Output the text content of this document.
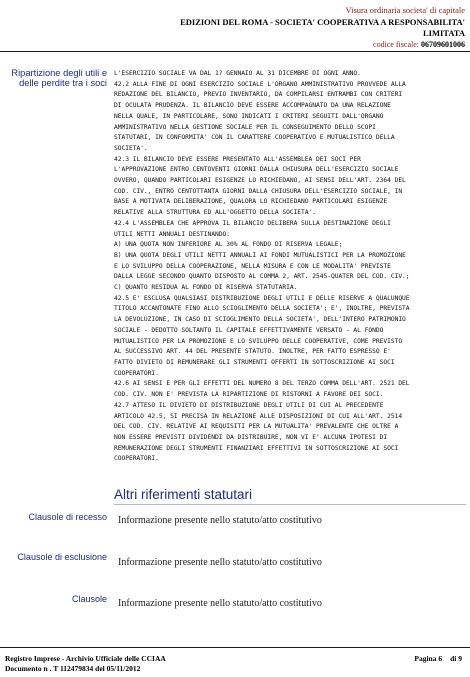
Visura ordinaria societa' di capitale
EDIZIONI DEL ROMA - SOCIETA' COOPERATIVA A RESPONSABILITA' LIMITATA
codice fiscale: 06709601006
Ripartizione degli utili e delle perdite tra i soci
L'ESERCIZIO SOCIALE VA DAL 1? GENNAIO AL 31 DICEMBRE DI OGNI ANNO.
42.2 ALLA FINE DI OGNI ESERCIZIO SOCIALE L'ORGANO AMMINISTRATIVO PROVVEDE ALLA
REDAZIONE DEL BILANCIO, PREVIO INVENTARIO, DA COMPILARSI ENTRAMBI CON CRITERI
DI OCULATA PRUDENZA. IL BILANCIO DEVE ESSERE ACCOMPAGNATO DA UNA RELAZIONE
NELLA QUALE, IN PARTICOLARE, SONO INDICATI I CRITERI SEGUITI DALL'ORGANO
AMMINISTRATIVO NELLA GESTIONE SOCIALE PER IL CONSEGUIMENTO DELLO SCOPI
STATUTARI, IN CONFORMITA' CON IL CARATTERE COOPERATIVO E MUTUALISTICO DELLA
SOCIETA'.
42.3 IL BILANCIO DEVE ESSERE PRESENTATO ALL'ASSEMBLEA DEI SOCI PER
L'APPROVAZIONE ENTRO CENTOVENTI GIORNI DALLA CHIUSURA DELL'ESERCIZIO SOCIALE
OVVERO, QUANDO PARTICOLARI ESIGENZE LO RICHIEDANO, AI SENSI DELL'ART. 2364 DEL
COD. CIV., ENTRO CENTOTTANTA GIORNI DALLA CHIUSURA DELL'ESERCIZIO SOCIALE, IN
BASE A MOTIVATA DELIBERAZIONE, QUALORA LO RICHIEDANO PARTICOLARI ESIGENZE
RELATIVE ALLA STRUTTURA ED ALL'OGGETTO DELLA SOCIETA'.
42.4 L'ASSEMBLEA CHE APPROVA IL BILANCIO DELIBERA SULLA DESTINAZIONE DEGLI
UTILI NETTI ANNUALI DESTINANDO:
A) UNA QUOTA NON INFERIORE AL 30% AL FONDO DI RISERVA LEGALE;
B) UNA QUOTA DEGLI UTILI NETTI ANNUALI AI FONDI MUTUALISTICI PER LA PROMOZIONE
E LO SVILUPPO DELLA COOPERAZIONE, NELLA MISURA E CON LE MODALITA' PREVISTE
DALLA LEGGE SECONDO QUANTO DISPOSTO AL COMMA 2, ART. 2545-QUATER DEL COD. CIV.;
C) QUANTO RESIDUA AL FONDO DI RISERVA STATUTARIA.
42.5 E' ESCLUSA QUALSIASI DISTRIBUZIONE DEGLI UTILI E DELLE RISERVE A QUALUNQUE
TITOLO ACCANTONATE FINO ALLO SCIOGLIMENTO DELLA SOCIETA'; E', INOLTRE, PREVISTA
LA DEVOLUZIONE, IN CASO DI SCIOGLIMENTO DELLA SOCIETA', DELL'INTERO PATRIMONIO
SOCIALE - DEDOTTO SOLTANTO IL CAPITALE EFFETTIVAMENTE VERSATO - AL FONDO
MUTUALISTICO PER LA PROMOZIONE E LO SVILUPPO DELLE COOPERATIVE, COME PREVISTO
AL SUCCESSIVO ART. 44 DEL PRESENTE STATUTO. INOLTRE, PER FATTO ESPRESSO E'
FATTO DIVIETO DI REMUNERARE GLI STRUMENTI OFFERTI IN SOTTOSCRIZIONE AI SOCI
COOPERATORI.
42.6 AI SENSI E PER GLI EFFETTI DEL NUMERO 8 DEL TERZO COMMA DELL'ART. 2521 DEL
COD. CIV. NON E' PREVISTA LA RIPARTIZIONE DI RISTORNI A FAVORE DEI SOCI.
42.7 ATTESO IL DIVIETO DI DISTRIBUZIONE DEGLI UTILI DI CUI AL PRECEDENTE
ARTICOLO 42.5, SI PRECISA IN RELAZIONE ALLE DISPOSIZIONI DI CUI ALL'ART. 2514
DEL COD. CIV. RELATIVE AI REQUISITI PER LA MUTUALITA' PREVALENTE CHE OLTRE A
NON ESSERE PREVISTI DIVIDENDI DA DISTRIBUIRE, NON VI E' ALCUNA IPOTESI DI
REMUNERAZIONE DEGLI STRUMENTI FINANZIARI EFFETTIVI IN SOTTOSCRIZIONE AI SOCI
COOPERATORI.
Altri riferimenti statutari
Clausole di recesso Informazione presente nello statuto/atto costitutivo
Clausole di esclusione Informazione presente nello statuto/atto costitutivo
Clausole Informazione presente nello statuto/atto costitutivo
Registro Imprese - Archivio Ufficiale delle CCIAA
Documento n . T 112479834 del 05/11/2012
Pagina 6 di 9
